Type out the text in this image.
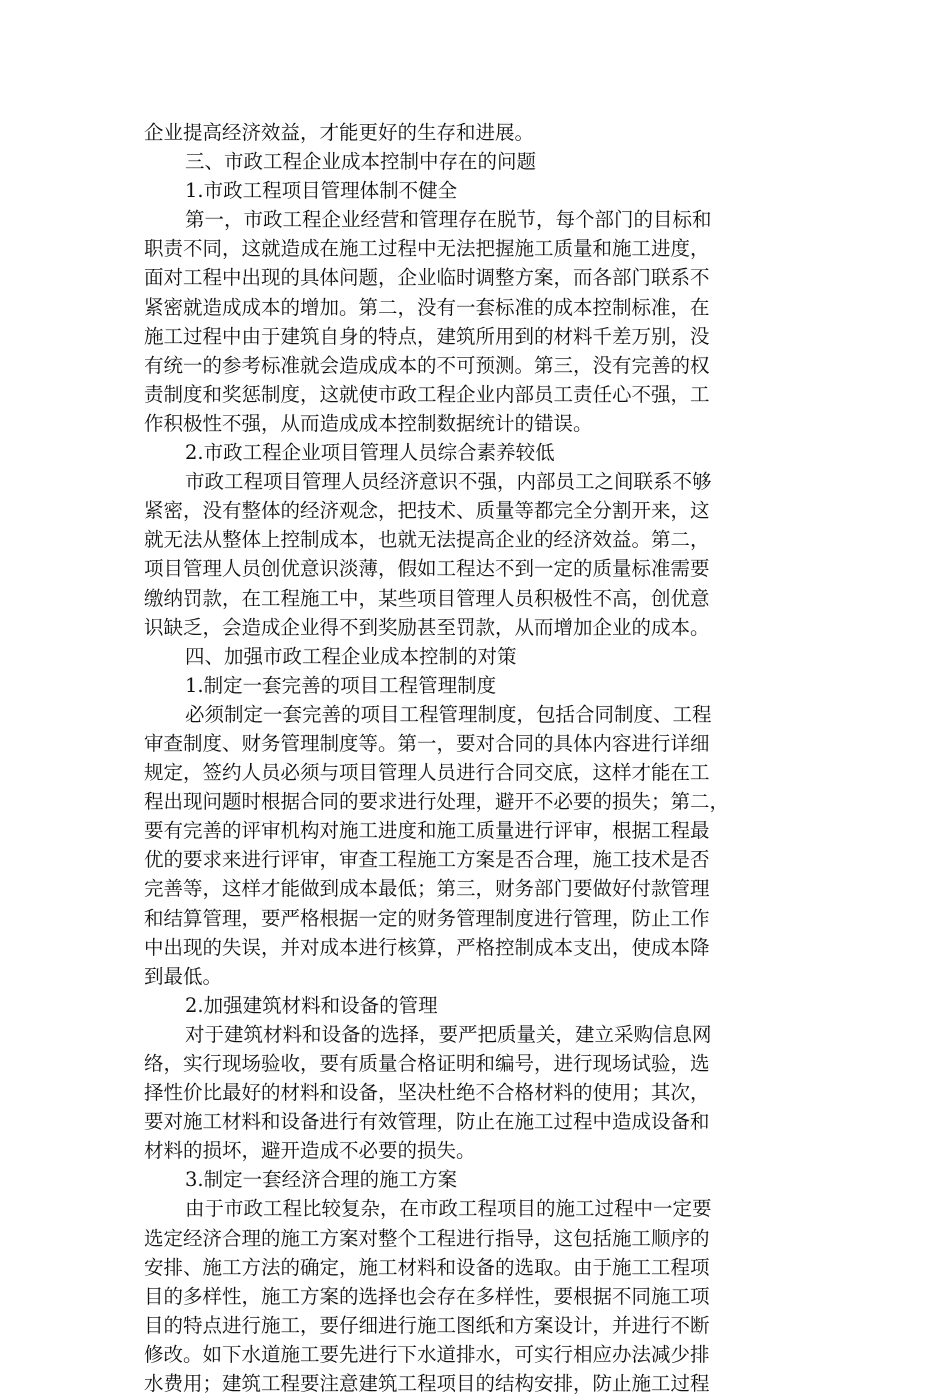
企业提高经济效益，才能更好的生存和进展。
三、市政工程企业成本控制中存在的问题
1.市政工程项目管理体制不健全
第一，市政工程企业经营和管理存在脱节，每个部门的目标和
职责不同，这就造成在施工过程中无法把握施工质量和施工进度，
面对工程中出现的具体问题，企业临时调整方案，而各部门联系不
紧密就造成成本的增加。第二，没有一套标准的成本控制标准，在
施工过程中由于建筑自身的特点，建筑所用到的材料千差万别，没
有统一的参考标准就会造成成本的不可预测。第三，没有完善的权
责制度和奖惩制度，这就使市政工程企业内部员工责任心不强，工
作积极性不强，从而造成成本控制数据统计的错误。
2.市政工程企业项目管理人员综合素养较低
市政工程项目管理人员经济意识不强，内部员工之间联系不够
紧密，没有整体的经济观念，把技术、质量等都完全分割开来，这
就无法从整体上控制成本，也就无法提高企业的经济效益。第二，
项目管理人员创优意识淡薄，假如工程达不到一定的质量标准需要
缴纳罚款，在工程施工中，某些项目管理人员积极性不高，创优意
识缺乏，会造成企业得不到奖励甚至罚款，从而增加企业的成本。
四、加强市政工程企业成本控制的对策
1.制定一套完善的项目工程管理制度
必须制定一套完善的项目工程管理制度，包括合同制度、工程
审查制度、财务管理制度等。第一，要对合同的具体内容进行详细
规定，签约人员必须与项目管理人员进行合同交底，这样才能在工
程出现问题时根据合同的要求进行处理，避开不必要的损失；第二，
要有完善的评审机构对施工进度和施工质量进行评审，根据工程最
优的要求来进行评审，审查工程施工方案是否合理，施工技术是否
完善等，这样才能做到成本最低；第三，财务部门要做好付款管理
和结算管理，要严格根据一定的财务管理制度进行管理，防止工作
中出现的失误，并对成本进行核算，严格控制成本支出，使成本降
到最低。
2.加强建筑材料和设备的管理
对于建筑材料和设备的选择，要严把质量关，建立采购信息网
络，实行现场验收，要有质量合格证明和编号，进行现场试验，选
择性价比最好的材料和设备，坚决杜绝不合格材料的使用；其次，
要对施工材料和设备进行有效管理，防止在施工过程中造成设备和
材料的损坏，避开造成不必要的损失。
3.制定一套经济合理的施工方案
由于市政工程比较复杂，在市政工程项目的施工过程中一定要
选定经济合理的施工方案对整个工程进行指导，这包括施工顺序的
安排、施工方法的确定，施工材料和设备的选取。由于施工工程项
目的多样性，施工方案的选择也会存在多样性，要根据不同施工项
目的特点进行施工，要仔细进行施工图纸和方案设计，并进行不断
修改。如下水道施工要先进行下水道排水，可实行相应办法减少排
水费用；建筑工程要注意建筑工程项目的结构安排，防止施工过程
